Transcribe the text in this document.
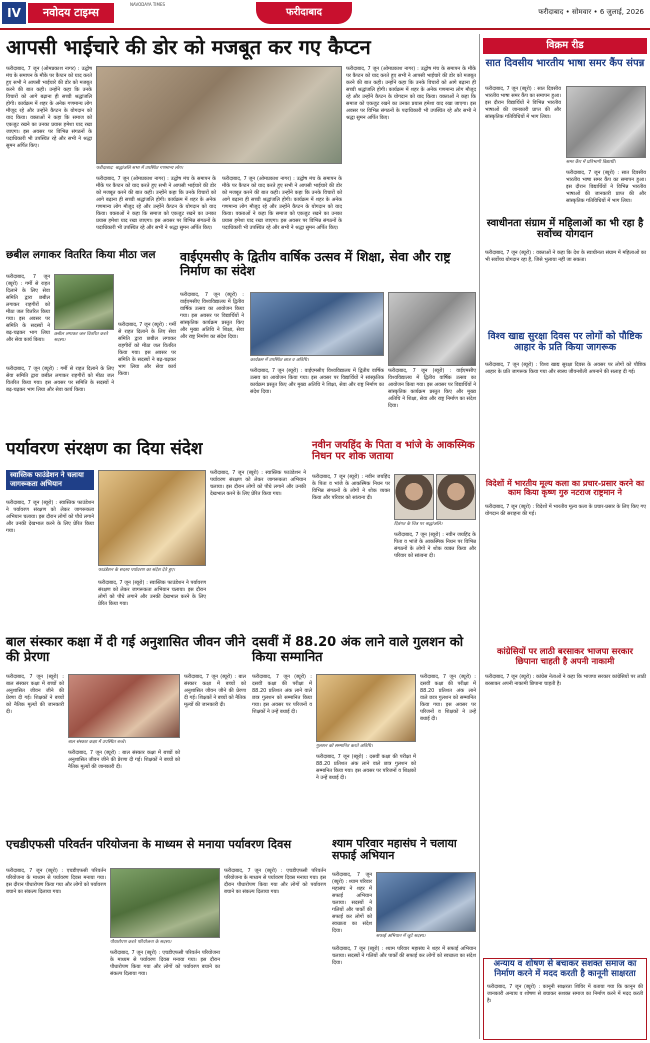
IV	नवोदय टाइम्स
NAVODAYA TIMES
फरीदाबाद	फरीदाबाद • सोमवार • 6 जुलाई, 2026
आपसी भाईचारे की डोर को मजबूत कर गए कैप्टन
फरीदाबाद, 7 जून (ओमप्रकाश नागर) : उद्घोष मंच के समापन के मौके पर कैप्टन को याद करते हुए सभी ने आपसी भाईचारे की डोर को मजबूत करने की बात कही। उन्होंने कहा कि उनके विचारों को आगे बढ़ाना ही सच्ची श्रद्धांजलि होगी। कार्यक्रम में शहर के अनेक गणमान्य लोग मौजूद रहे और उन्होंने कैप्टन के योगदान को याद किया। वक्ताओं ने कहा कि समाज को एकजुट रखने का उनका प्रयास हमेशा याद रखा जाएगा। इस अवसर पर विभिन्न संगठनों के पदाधिकारी भी उपस्थित रहे और सभी ने श्रद्धा सुमन अर्पित किए।
फरीदाबाद: श्रद्धांजलि सभा में उपस्थित गणमान्य लोग।
फरीदाबाद, 7 जून (ओमप्रकाश नागर) : उद्घोष मंच के समापन के मौके पर कैप्टन को याद करते हुए सभी ने आपसी भाईचारे की डोर को मजबूत करने की बात कही। उन्होंने कहा कि उनके विचारों को आगे बढ़ाना ही सच्ची श्रद्धांजलि होगी। कार्यक्रम में शहर के अनेक गणमान्य लोग मौजूद रहे और उन्होंने कैप्टन के योगदान को याद किया। वक्ताओं ने कहा कि समाज को एकजुट रखने का उनका प्रयास हमेशा याद रखा जाएगा। इस अवसर पर विभिन्न संगठनों के पदाधिकारी भी उपस्थित रहे और सभी ने श्रद्धा सुमन अर्पित किए।
फरीदाबाद, 7 जून (ओमप्रकाश नागर) : उद्घोष मंच के समापन के मौके पर कैप्टन को याद करते हुए सभी ने आपसी भाईचारे की डोर को मजबूत करने की बात कही। उन्होंने कहा कि उनके विचारों को आगे बढ़ाना ही सच्ची श्रद्धांजलि होगी। कार्यक्रम में शहर के अनेक गणमान्य लोग मौजूद रहे और उन्होंने कैप्टन के योगदान को याद किया। वक्ताओं ने कहा कि समाज को एकजुट रखने का उनका प्रयास हमेशा याद रखा जाएगा। इस अवसर पर विभिन्न संगठनों के पदाधिकारी भी उपस्थित रहे और सभी ने श्रद्धा सुमन अर्पित किए।
फरीदाबाद, 7 जून (ओमप्रकाश नागर) : उद्घोष मंच के समापन के मौके पर कैप्टन को याद करते हुए सभी ने आपसी भाईचारे की डोर को मजबूत करने की बात कही। उन्होंने कहा कि उनके विचारों को आगे बढ़ाना ही सच्ची श्रद्धांजलि होगी। कार्यक्रम में शहर के अनेक गणमान्य लोग मौजूद रहे और उन्होंने कैप्टन के योगदान को याद किया। वक्ताओं ने कहा कि समाज को एकजुट रखने का उनका प्रयास हमेशा याद रखा जाएगा। इस अवसर पर विभिन्न संगठनों के पदाधिकारी भी उपस्थित रहे और सभी ने श्रद्धा सुमन अर्पित किए।
छबील लगाकर वितरित किया मीठा जल
फरीदाबाद, 7 जून (ब्यूरो) : गर्मी से राहत दिलाने के लिए सेवा समिति द्वारा छबील लगाकर राहगीरों को मीठा जल वितरित किया गया। इस अवसर पर समिति के सदस्यों ने बढ़-चढ़कर भाग लिया और सेवा कार्य किया।
छबील लगाकर जल वितरित करते सदस्य।
फरीदाबाद, 7 जून (ब्यूरो) : गर्मी से राहत दिलाने के लिए सेवा समिति द्वारा छबील लगाकर राहगीरों को मीठा जल वितरित किया गया। इस अवसर पर समिति के सदस्यों ने बढ़-चढ़कर भाग लिया और सेवा कार्य किया।
फरीदाबाद, 7 जून (ब्यूरो) : गर्मी से राहत दिलाने के लिए सेवा समिति द्वारा छबील लगाकर राहगीरों को मीठा जल वितरित किया गया। इस अवसर पर समिति के सदस्यों ने बढ़-चढ़कर भाग लिया और सेवा कार्य किया।
वाईएमसीए के द्वितीय वार्षिक उत्सव में शिक्षा, सेवा और राष्ट्र निर्माण का संदेश
फरीदाबाद, 7 जून (ब्यूरो) : वाईएमसीए विश्वविद्यालय में द्वितीय वार्षिक उत्सव का आयोजन किया गया। इस अवसर पर विद्यार्थियों ने सांस्कृतिक कार्यक्रम प्रस्तुत किए और मुख्य अतिथि ने शिक्षा, सेवा और राष्ट्र निर्माण का संदेश दिया।
कार्यक्रम में उपस्थित छात्र व अतिथि।
फरीदाबाद, 7 जून (ब्यूरो) : वाईएमसीए विश्वविद्यालय में द्वितीय वार्षिक उत्सव का आयोजन किया गया। इस अवसर पर विद्यार्थियों ने सांस्कृतिक कार्यक्रम प्रस्तुत किए और मुख्य अतिथि ने शिक्षा, सेवा और राष्ट्र निर्माण का संदेश दिया।
फरीदाबाद, 7 जून (ब्यूरो) : वाईएमसीए विश्वविद्यालय में द्वितीय वार्षिक उत्सव का आयोजन किया गया। इस अवसर पर विद्यार्थियों ने सांस्कृतिक कार्यक्रम प्रस्तुत किए और मुख्य अतिथि ने शिक्षा, सेवा और राष्ट्र निर्माण का संदेश दिया।
पर्यावरण संरक्षण का दिया संदेश
स्वास्तिक फाउंडेशन ने चलाया जागरूकता अभियान
फरीदाबाद, 7 जून (ब्यूरो) : स्वास्तिक फाउंडेशन ने पर्यावरण संरक्षण को लेकर जागरूकता अभियान चलाया। इस दौरान लोगों को पौधे लगाने और उनकी देखभाल करने के लिए प्रेरित किया गया।
फाउंडेशन के सदस्य पर्यावरण का संदेश देते हुए।
फरीदाबाद, 7 जून (ब्यूरो) : स्वास्तिक फाउंडेशन ने पर्यावरण संरक्षण को लेकर जागरूकता अभियान चलाया। इस दौरान लोगों को पौधे लगाने और उनकी देखभाल करने के लिए प्रेरित किया गया।
फरीदाबाद, 7 जून (ब्यूरो) : स्वास्तिक फाउंडेशन ने पर्यावरण संरक्षण को लेकर जागरूकता अभियान चलाया। इस दौरान लोगों को पौधे लगाने और उनकी देखभाल करने के लिए प्रेरित किया गया।
नवीन जयहिंद के पिता व भांजे के आकस्मिक निधन पर शोक जताया
फरीदाबाद, 7 जून (ब्यूरो) : नवीन जयहिंद के पिता व भांजे के आकस्मिक निधन पर विभिन्न संगठनों के लोगों ने शोक व्यक्त किया और परिवार को सांत्वना दी।
दिवंगत के चित्र पर श्रद्धांजलि।
फरीदाबाद, 7 जून (ब्यूरो) : नवीन जयहिंद के पिता व भांजे के आकस्मिक निधन पर विभिन्न संगठनों के लोगों ने शोक व्यक्त किया और परिवार को सांत्वना दी।
बाल संस्कार कक्षा में दी गई अनुशासित जीवन जीने की प्रेरणा
फरीदाबाद, 7 जून (ब्यूरो) : बाल संस्कार कक्षा में बच्चों को अनुशासित जीवन जीने की प्रेरणा दी गई। शिक्षकों ने बच्चों को नैतिक मूल्यों की जानकारी दी।
बाल संस्कार कक्षा में उपस्थित बच्चे।
फरीदाबाद, 7 जून (ब्यूरो) : बाल संस्कार कक्षा में बच्चों को अनुशासित जीवन जीने की प्रेरणा दी गई। शिक्षकों ने बच्चों को नैतिक मूल्यों की जानकारी दी।
फरीदाबाद, 7 जून (ब्यूरो) : बाल संस्कार कक्षा में बच्चों को अनुशासित जीवन जीने की प्रेरणा दी गई। शिक्षकों ने बच्चों को नैतिक मूल्यों की जानकारी दी।
दसवीं में 88.20 अंक लाने वाले गुलशन को किया सम्मानित
फरीदाबाद, 7 जून (ब्यूरो) : दसवीं कक्षा की परीक्षा में 88.20 प्रतिशत अंक लाने वाले छात्र गुलशन को सम्मानित किया गया। इस अवसर पर परिजनों व शिक्षकों ने उन्हें बधाई दी।
गुलशन को सम्मानित करते अतिथि।
फरीदाबाद, 7 जून (ब्यूरो) : दसवीं कक्षा की परीक्षा में 88.20 प्रतिशत अंक लाने वाले छात्र गुलशन को सम्मानित किया गया। इस अवसर पर परिजनों व शिक्षकों ने उन्हें बधाई दी।
फरीदाबाद, 7 जून (ब्यूरो) : दसवीं कक्षा की परीक्षा में 88.20 प्रतिशत अंक लाने वाले छात्र गुलशन को सम्मानित किया गया। इस अवसर पर परिजनों व शिक्षकों ने उन्हें बधाई दी।
एचडीएफसी परिवर्तन परियोजना के माध्यम से मनाया पर्यावरण दिवस
फरीदाबाद, 7 जून (ब्यूरो) : एचडीएफसी परिवर्तन परियोजना के माध्यम से पर्यावरण दिवस मनाया गया। इस दौरान पौधारोपण किया गया और लोगों को पर्यावरण बचाने का संकल्प दिलाया गया।
पौधारोपण करते परियोजना के सदस्य।
फरीदाबाद, 7 जून (ब्यूरो) : एचडीएफसी परिवर्तन परियोजना के माध्यम से पर्यावरण दिवस मनाया गया। इस दौरान पौधारोपण किया गया और लोगों को पर्यावरण बचाने का संकल्प दिलाया गया।
फरीदाबाद, 7 जून (ब्यूरो) : एचडीएफसी परिवर्तन परियोजना के माध्यम से पर्यावरण दिवस मनाया गया। इस दौरान पौधारोपण किया गया और लोगों को पर्यावरण बचाने का संकल्प दिलाया गया।
श्याम परिवार महासंघ ने चलाया सफाई अभियान
फरीदाबाद, 7 जून (ब्यूरो) : श्याम परिवार महासंघ ने शहर में सफाई अभियान चलाया। सदस्यों ने गलियों और पार्कों की सफाई कर लोगों को स्वच्छता का संदेश दिया।
सफाई अभियान में जुटे सदस्य।
फरीदाबाद, 7 जून (ब्यूरो) : श्याम परिवार महासंघ ने शहर में सफाई अभियान चलाया। सदस्यों ने गलियों और पार्कों की सफाई कर लोगों को स्वच्छता का संदेश दिया।
विक्रम रीड
सात दिवसीय भारतीय भाषा समर कैंप संपन्न
फरीदाबाद, 7 जून (ब्यूरो) : सात दिवसीय भारतीय भाषा समर कैंप का समापन हुआ। इस दौरान विद्यार्थियों ने विभिन्न भारतीय भाषाओं की जानकारी प्राप्त की और सांस्कृतिक गतिविधियों में भाग लिया।
समर कैंप में प्रतिभागी विद्यार्थी।
फरीदाबाद, 7 जून (ब्यूरो) : सात दिवसीय भारतीय भाषा समर कैंप का समापन हुआ। इस दौरान विद्यार्थियों ने विभिन्न भारतीय भाषाओं की जानकारी प्राप्त की और सांस्कृतिक गतिविधियों में भाग लिया।
स्वाधीनता संग्राम में महिलाओं का भी रहा है सर्वोच्च योगदान
फरीदाबाद, 7 जून (ब्यूरो) : वक्ताओं ने कहा कि देश के स्वाधीनता संग्राम में महिलाओं का भी सर्वोच्च योगदान रहा है, जिसे भुलाया नहीं जा सकता।
विश्व खाद्य सुरक्षा दिवस पर लोगों को पौष्टिक आहार के प्रति किया जागरूक
फरीदाबाद, 7 जून (ब्यूरो) : विश्व खाद्य सुरक्षा दिवस के अवसर पर लोगों को पौष्टिक आहार के प्रति जागरूक किया गया और स्वस्थ जीवनशैली अपनाने की सलाह दी गई।
विदेशों में भारतीय मूल्य कला का प्रचार-प्रसार करने का काम किया कृष्ण गुरु नटराज राष्ट्रमान ने
फरीदाबाद, 7 जून (ब्यूरो) : विदेशों में भारतीय मूल्य कला के प्रचार-प्रसार के लिए किए गए योगदान की सराहना की गई।
कांग्रेसियों पर लाठी बरसाकर भाजपा सरकार छिपाना चाहती है अपनी नाकामी
फरीदाबाद, 7 जून (ब्यूरो) : कांग्रेस नेताओं ने कहा कि भाजपा सरकार कांग्रेसियों पर लाठी बरसाकर अपनी नाकामी छिपाना चाहती है।
अन्याय व शोषण से बचाकर सशक्त समाज का निर्माण करने में मदद करती है कानूनी साक्षरता
फरीदाबाद, 7 जून (ब्यूरो) : कानूनी साक्षरता शिविर में बताया गया कि कानून की जानकारी अन्याय व शोषण से बचाकर सशक्त समाज का निर्माण करने में मदद करती है।
